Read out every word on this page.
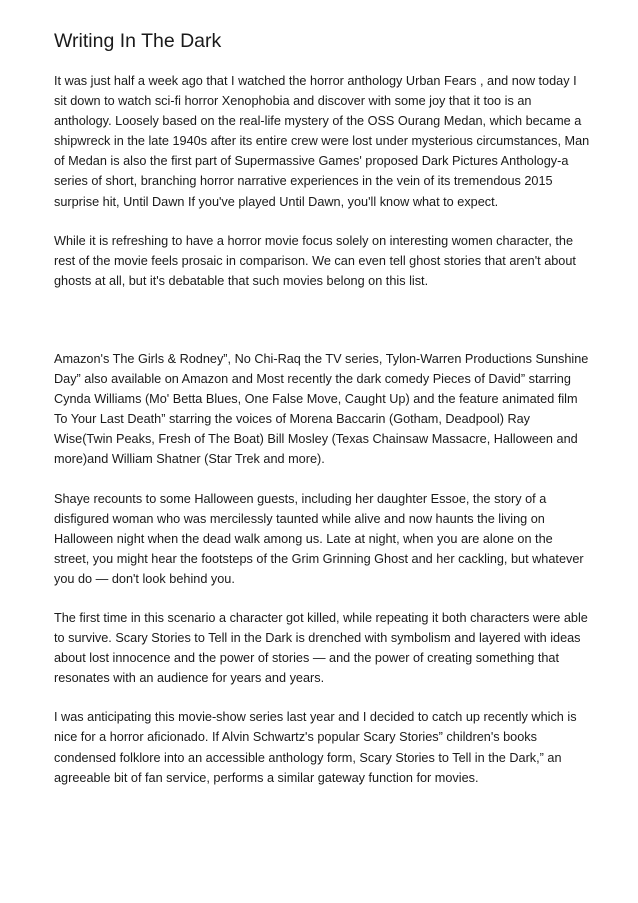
Writing In The Dark

It was just half a week ago that I watched the horror anthology Urban Fears , and now today I sit down to watch sci-fi horror Xenophobia and discover with some joy that it too is an anthology. Loosely based on the real-life mystery of the OSS Ourang Medan, which became a shipwreck in the late 1940s after its entire crew were lost under mysterious circumstances, Man of Medan is also the first part of Supermassive Games' proposed Dark Pictures Anthology-a series of short, branching horror narrative experiences in the vein of its tremendous 2015 surprise hit, Until Dawn If you've played Until Dawn, you'll know what to expect.

While it is refreshing to have a horror movie focus solely on interesting women character, the rest of the movie feels prosaic in comparison. We can even tell ghost stories that aren't about ghosts at all, but it's debatable that such movies belong on this list.

Amazon's The Girls & Rodney”, No Chi-Raq the TV series, Tylon-Warren Productions Sunshine Day” also available on Amazon and Most recently the dark comedy Pieces of David” starring Cynda Williams (Mo' Betta Blues, One False Move, Caught Up) and the feature animated film To Your Last Death” starring the voices of Morena Baccarin (Gotham, Deadpool) Ray Wise(Twin Peaks, Fresh of The Boat) Bill Mosley (Texas Chainsaw Massacre, Halloween and more)and William Shatner (Star Trek and more).

Shaye recounts to some Halloween guests, including her daughter Essoe, the story of a disfigured woman who was mercilessly taunted while alive and now haunts the living on Halloween night when the dead walk among us. Late at night, when you are alone on the street, you might hear the footsteps of the Grim Grinning Ghost and her cackling, but whatever you do — don't look behind you.

The first time in this scenario a character got killed, while repeating it both characters were able to survive. Scary Stories to Tell in the Dark is drenched with symbolism and layered with ideas about lost innocence and the power of stories — and the power of creating something that resonates with an audience for years and years.

I was anticipating this movie-show series last year and I decided to catch up recently which is nice for a horror aficionado. If Alvin Schwartz's popular Scary Stories” children's books condensed folklore into an accessible anthology form, Scary Stories to Tell in the Dark,” an agreeable bit of fan service, performs a similar gateway function for movies.
